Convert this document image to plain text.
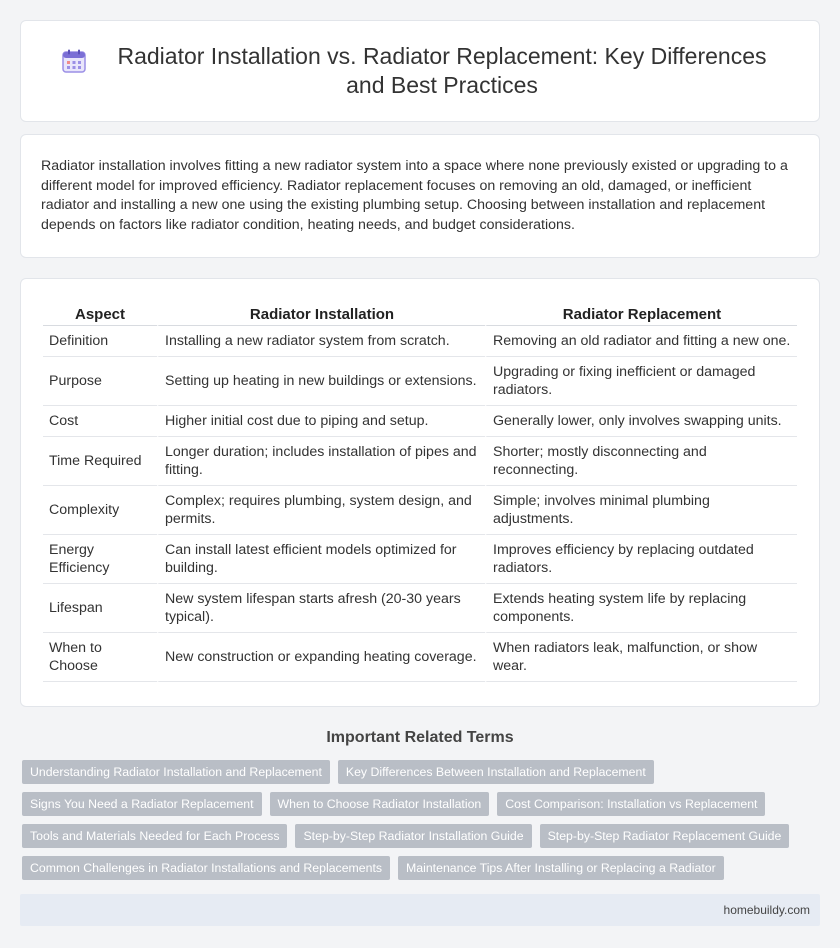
Radiator Installation vs. Radiator Replacement: Key Differences and Best Practices

Radiator installation involves fitting a new radiator system into a space where none previously existed or upgrading to a different model for improved efficiency. Radiator replacement focuses on removing an old, damaged, or inefficient radiator and installing a new one using the existing plumbing setup. Choosing between installation and replacement depends on factors like radiator condition, heating needs, and budget considerations.

Aspect	Radiator Installation	Radiator Replacement
Definition	Installing a new radiator system from scratch.	Removing an old radiator and fitting a new one.
Purpose	Setting up heating in new buildings or extensions.	Upgrading or fixing inefficient or damaged radiators.
Cost	Higher initial cost due to piping and setup.	Generally lower, only involves swapping units.
Time Required	Longer duration; includes installation of pipes and fitting.	Shorter; mostly disconnecting and reconnecting.
Complexity	Complex; requires plumbing, system design, and permits.	Simple; involves minimal plumbing adjustments.
Energy Efficiency	Can install latest efficient models optimized for building.	Improves efficiency by replacing outdated radiators.
Lifespan	New system lifespan starts afresh (20-30 years typical).	Extends heating system life by replacing components.
When to Choose	New construction or expanding heating coverage.	When radiators leak, malfunction, or show wear.
Important Related Terms
Understanding Radiator Installation and Replacement	Key Differences Between Installation and Replacement
Signs You Need a Radiator Replacement	When to Choose Radiator Installation	Cost Comparison: Installation vs Replacement
Tools and Materials Needed for Each Process	Step-by-Step Radiator Installation Guide	Step-by-Step Radiator Replacement Guide
Common Challenges in Radiator Installations and Replacements	Maintenance Tips After Installing or Replacing a Radiator
homebuildy.com
